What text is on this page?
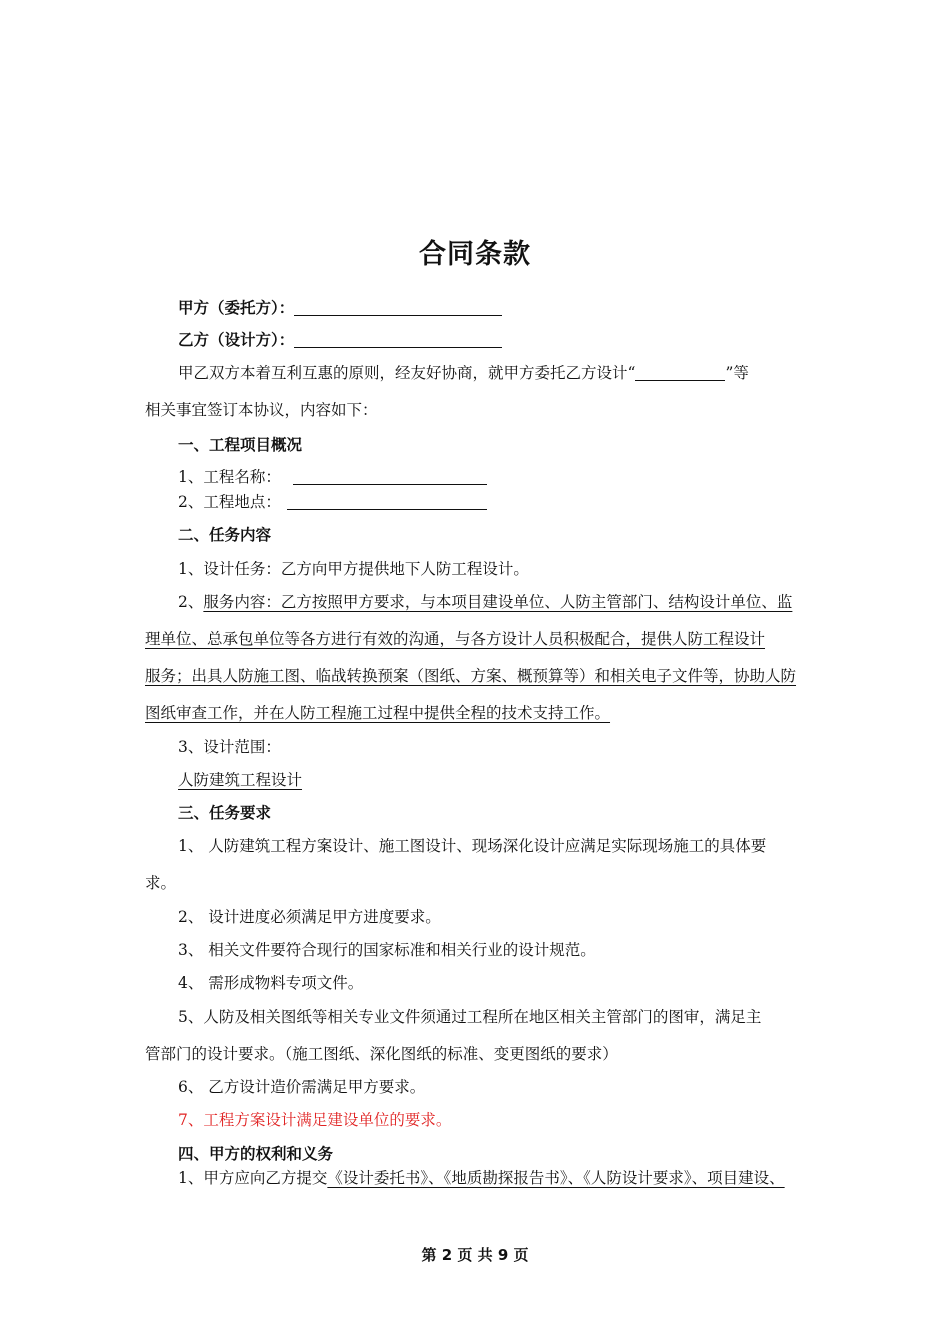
合同条款
甲方（委托方）：
乙方（设计方）：
甲乙双方本着互利互惠的原则，经友好协商，就甲方委托乙方设计“	”等
相关事宜签订本协议，内容如下：
一、工程项目概况
1、工程名称：
2、工程地点：
二、任务内容
1、设计任务：乙方向甲方提供地下人防工程设计。
2、服务内容：乙方按照甲方要求，与本项目建设单位、人防主管部门、结构设计单位、监
理单位、总承包单位等各方进行有效的沟通，与各方设计人员积极配合，提供人防工程设计
服务；出具人防施工图、临战转换预案（图纸、方案、概预算等）和相关电子文件等，协助人防
图纸审查工作，并在人防工程施工过程中提供全程的技术支持工作。
3、设计范围：
人防建筑工程设计
三、任务要求
1、 人防建筑工程方案设计、施工图设计、现场深化设计应满足实际现场施工的具体要
求。
2、 设计进度必须满足甲方进度要求。
3、 相关文件要符合现行的国家标准和相关行业的设计规范。
4、 需形成物料专项文件。
5、人防及相关图纸等相关专业文件须通过工程所在地区相关主管部门的图审，满足主
管部门的设计要求。（施工图纸、深化图纸的标准、变更图纸的要求）
6、 乙方设计造价需满足甲方要求。
7、工程方案设计满足建设单位的要求。
四、甲方的权利和义务
1、甲方应向乙方提交《设计委托书》、《地质勘探报告书》、《人防设计要求》、项目建设、
第 2 页 共 9 页
